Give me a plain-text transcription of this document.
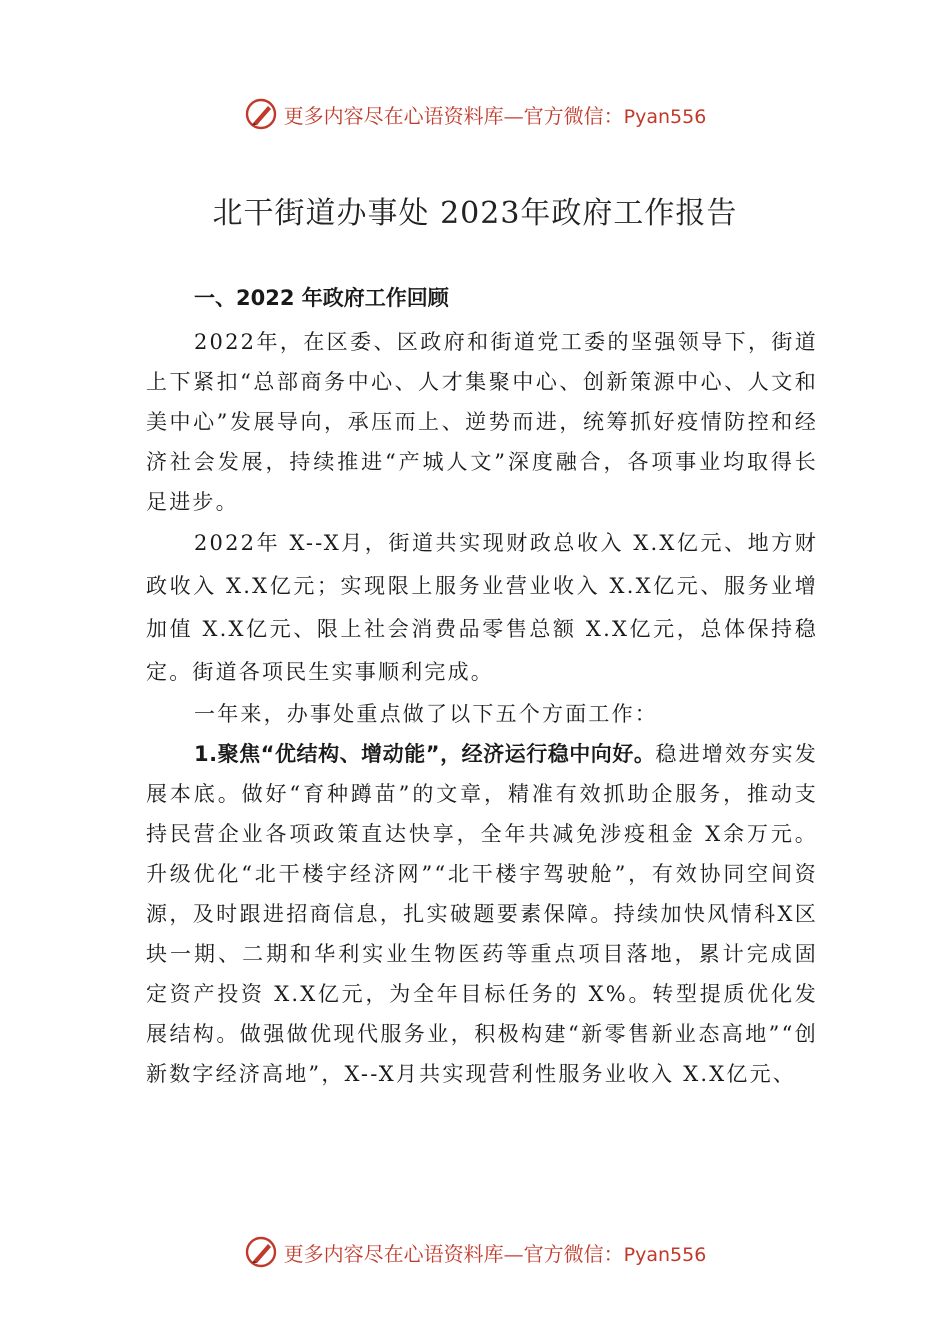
更多内容尽在心语资料库—官方微信：Pyan556
北干街道办事处 2023年政府工作报告
一、2022 年政府工作回顾

2022年，在区委、区政府和街道党工委的坚强领导下，街道上下紧扣“总部商务中心、人才集聚中心、创新策源中心、人文和美中心”发展导向，承压而上、逆势而进，统筹抓好疫情防控和经济社会发展，持续推进“产城人文”深度融合，各项事业均取得长足进步。

2022年 X--X月，街道共实现财政总收入 X.X亿元、地方财政收入 X.X亿元；实现限上服务业营业收入 X.X亿元、服务业增加值 X.X亿元、限上社会消费品零售总额 X.X亿元，总体保持稳定。街道各项民生实事顺利完成。

一年来，办事处重点做了以下五个方面工作：

1.聚焦“优结构、增动能”，经济运行稳中向好。稳进增效夯实发展本底。做好“育种蹲苗”的文章，精准有效抓助企服务，推动支持民营企业各项政策直达快享，全年共减免涉疫租金 X余万元。升级优化“北干楼宇经济网”“北干楼宇驾驶舱”，有效协同空间资源，及时跟进招商信息，扎实破题要素保障。持续加快风情科X区块一期、二期和华利实业生物医药等重点项目落地，累计完成固定资产投资 X.X亿元，为全年目标任务的 X%。转型提质优化发展结构。做强做优现代服务业，积极构建“新零售新业态高地”“创新数字经济高地”，X--X月共实现营利性服务业收入 X.X亿元、

更多内容尽在心语资料库—官方微信：Pyan556
